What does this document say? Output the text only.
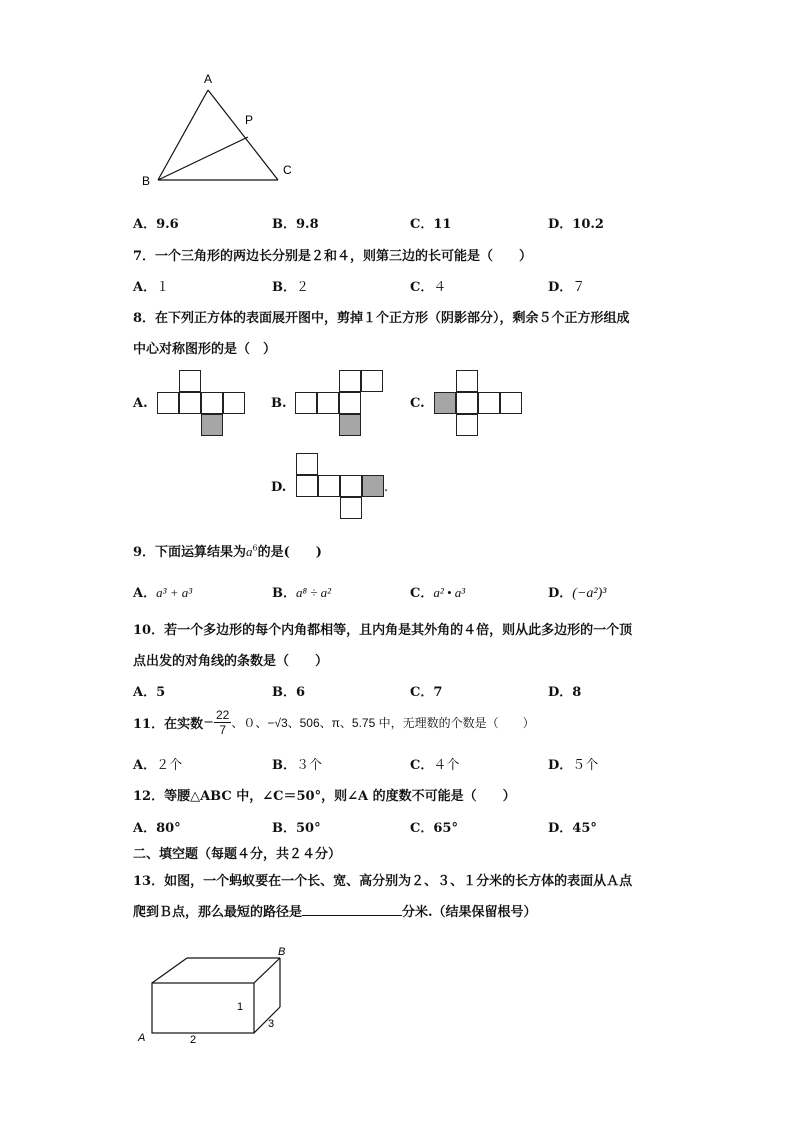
A
P
B
C
A．9.6	B．9.8	C．11	D．10.2
7．一个三角形的两边长分别是２和４，则第三边的长可能是（　　）
A．１	B．２	C．４	D．７
8．在下列正方体的表面展开图中，剪掉１个正方形（阴影部分），剩余５个正方形组成
中心对称图形的是（　）
A.	B.	C.
D.	.
9．下面运算结果为$a^6$的是(　　)
A．a³ + a³	B．a⁸ ÷ a²	C．a² • a³	D．(−a²)³
10．若一个多边形的每个内角都相等，且内角是其外角的４倍，则从此多边形的一个顶
点出发的对角线的条数是（　　）
A．5	B．6	C．7	D．8
11．在实数− $\frac{22}{7}$ 、０、−√3、506、π、5.75 中，无理数的个数是（　　）
A．２个	B．３个	C．４个	D．５个
12．等腰△ABC 中，∠C＝50°，则∠A 的度数不可能是（　　）
A．80°	B．50°	C．65°	D．45°
二、填空题（每题４分，共２４分）
13．如图，一个蚂蚁要在一个长、宽、高分别为２、３、１分米的长方体的表面从Ａ点
爬到Ｂ点，那么最短的路径是	分米.（结果保留根号）
B
A	2
3
1
